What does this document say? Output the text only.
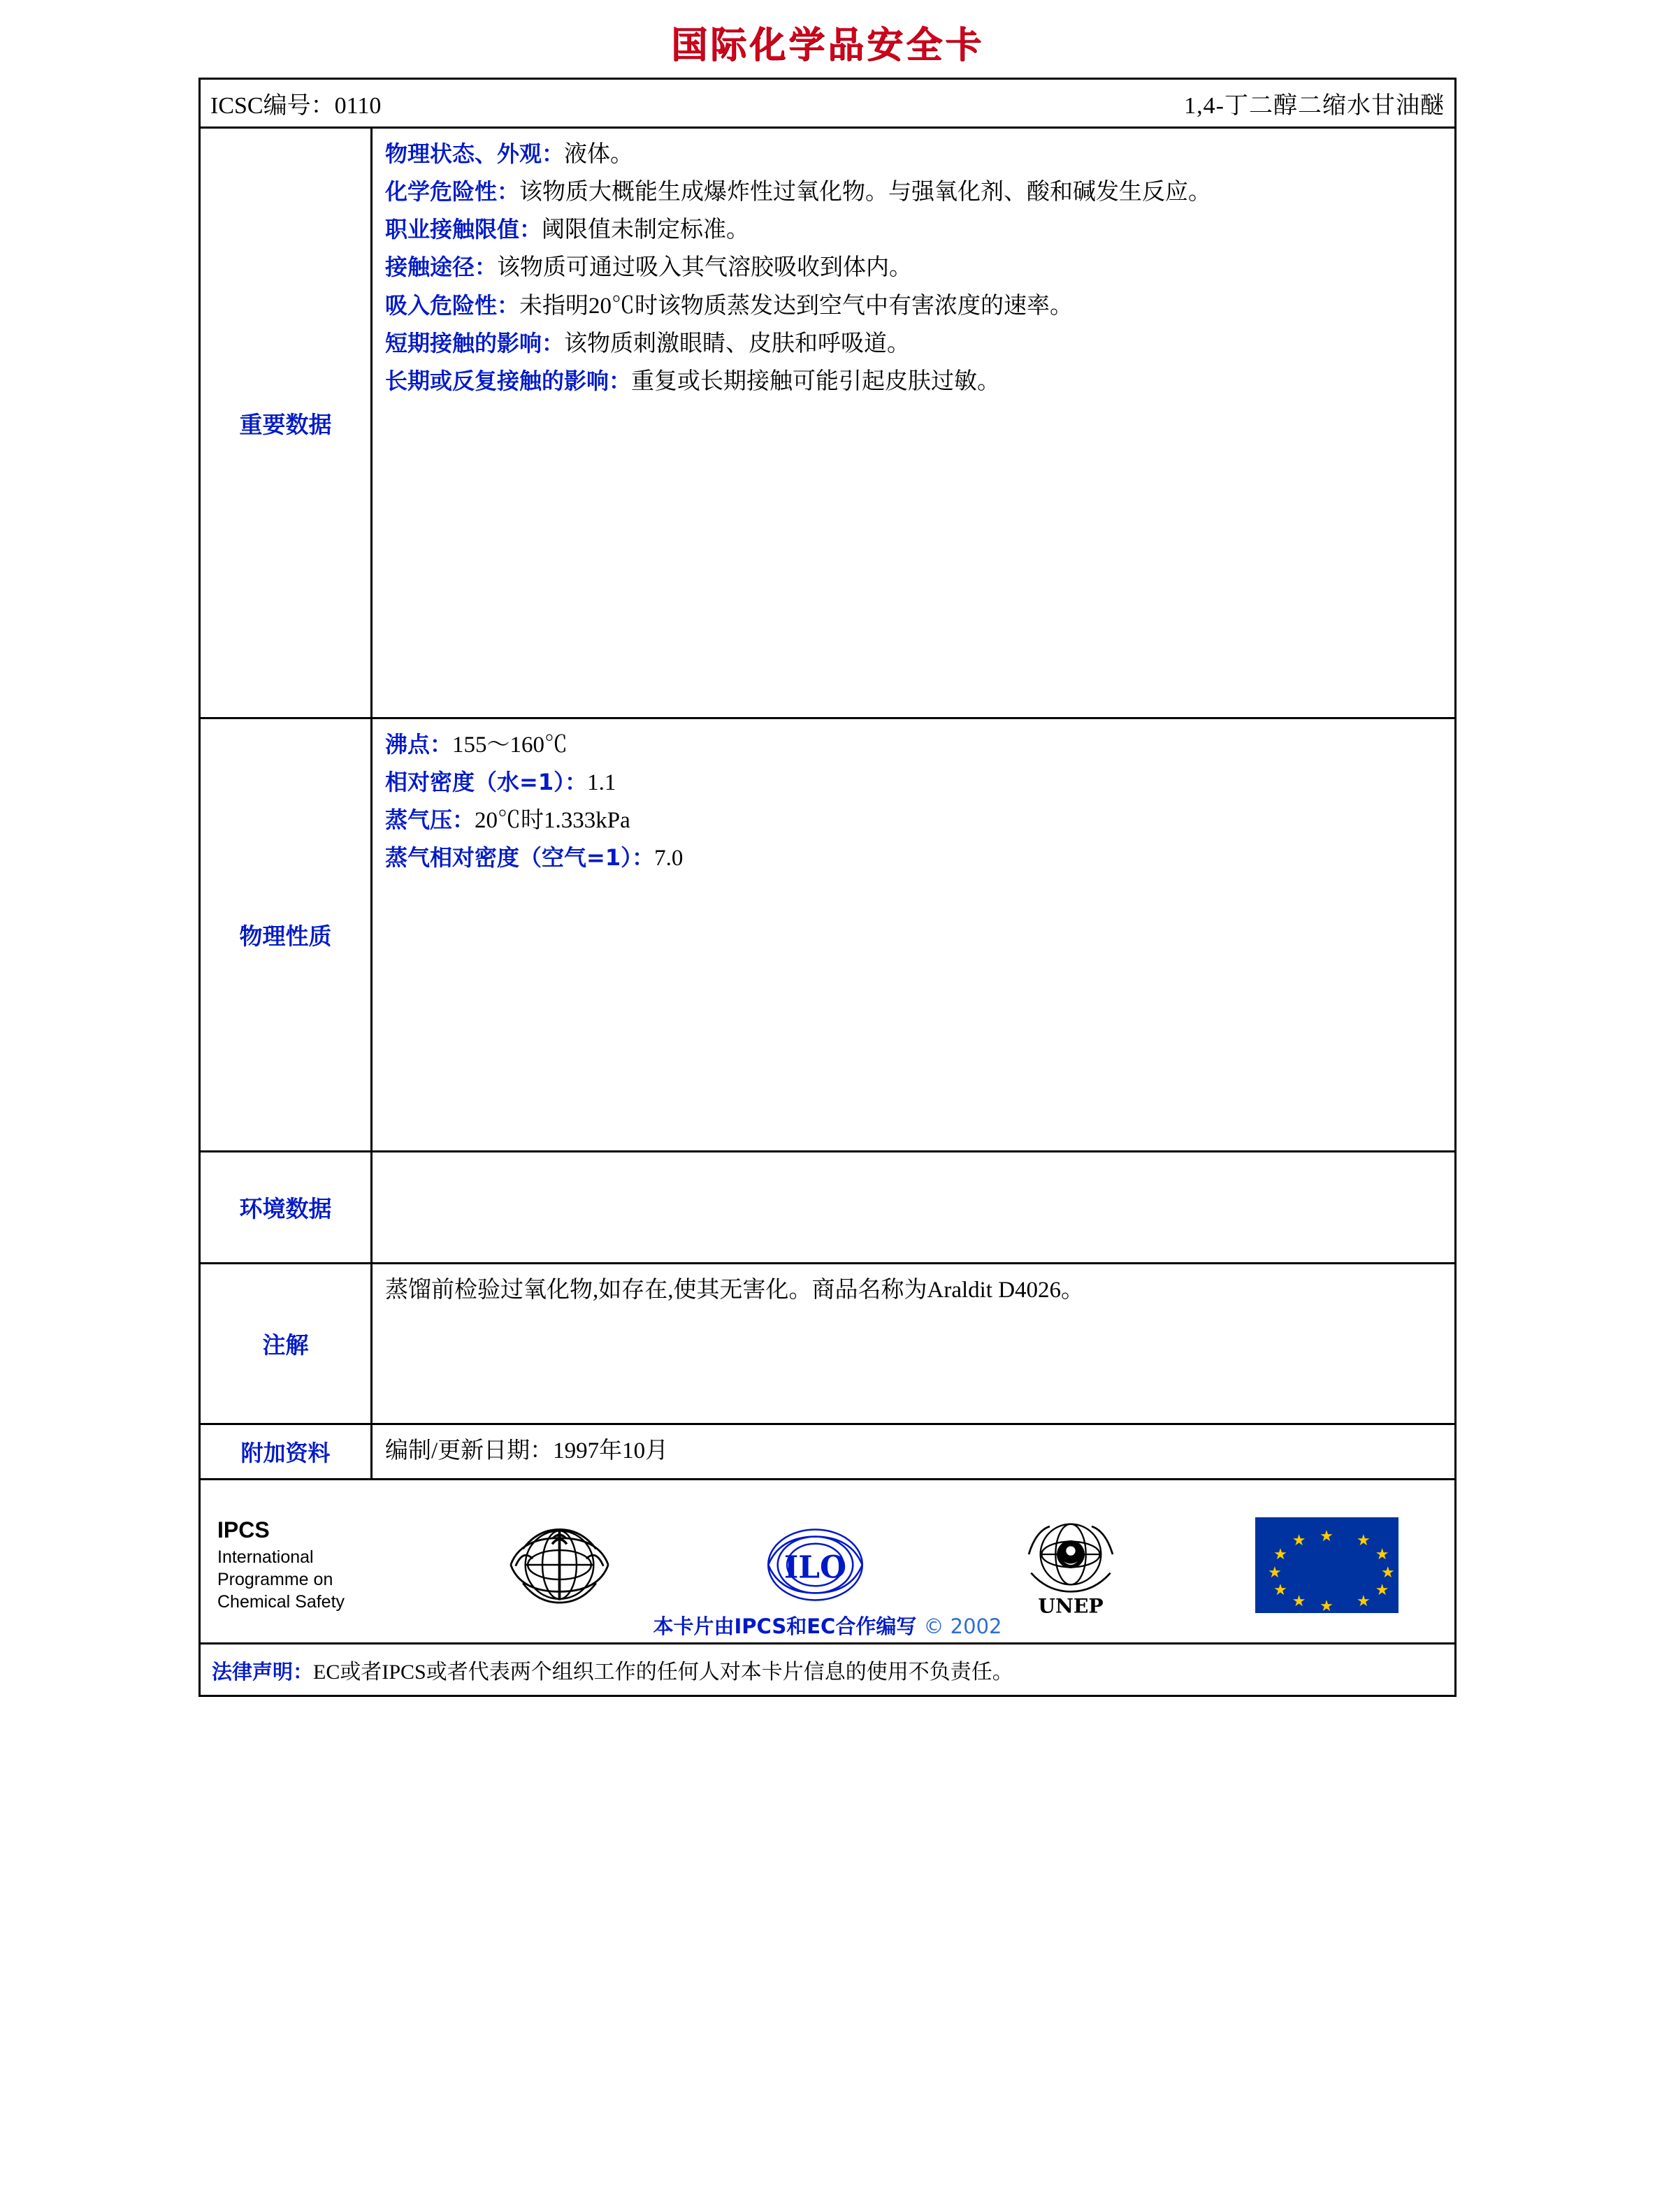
国际化学品安全卡
ICSC编号：0110	1,4-丁二醇二缩水甘油醚
重要数据
物理状态、外观：液体。
化学危险性：该物质大概能生成爆炸性过氧化物。与强氧化剂、酸和碱发生反应。
职业接触限值：阈限值未制定标准。
接触途径：该物质可通过吸入其气溶胶吸收到体内。
吸入危险性：未指明20℃时该物质蒸发达到空气中有害浓度的速率。
短期接触的影响：该物质刺激眼睛、皮肤和呼吸道。
长期或反复接触的影响：重复或长期接触可能引起皮肤过敏。
物理性质
沸点：155～160℃
相对密度（水=1）：1.1
蒸气压：20℃时1.333kPa
蒸气相对密度（空气=1）：7.0
环境数据
注解
蒸馏前检验过氧化物,如存在,使其无害化。商品名称为Araldit D4026。
附加资料	编制/更新日期：1997年10月
IPCS
International
Programme on
Chemical Safety
ILO
UNEP
★ ★
★
★
★
★
★
★
★
★
★
★
本卡片由IPCS和EC合作编写 © 2002
法律声明：EC或者IPCS或者代表两个组织工作的任何人对本卡片信息的使用不负责任。
